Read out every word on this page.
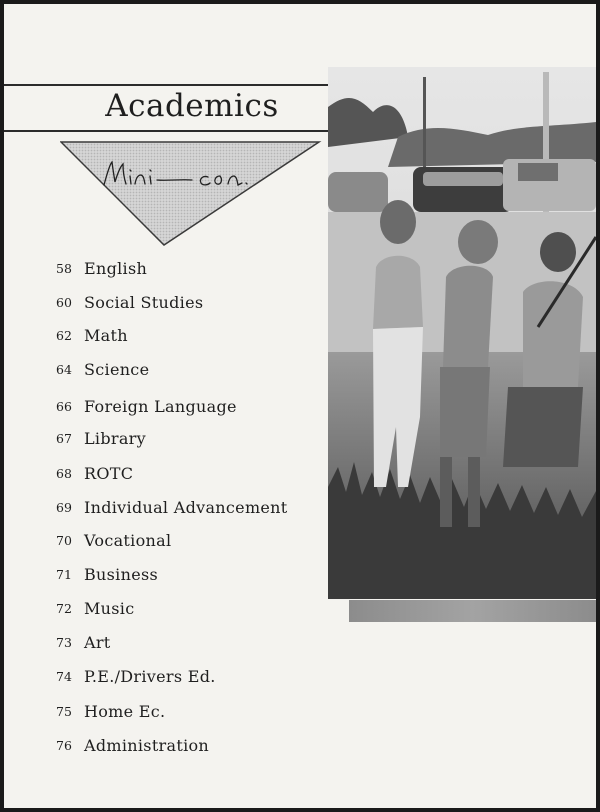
Academics
58 English
60 Social Studies
62 Math
64 Science
66 Foreign Language
67 Library
68 ROTC
69 Individual Advancement
70 Vocational
71 Business
72 Music
73 Art
74 P.E./Drivers Ed.
75 Home Ec.
76 Administration
